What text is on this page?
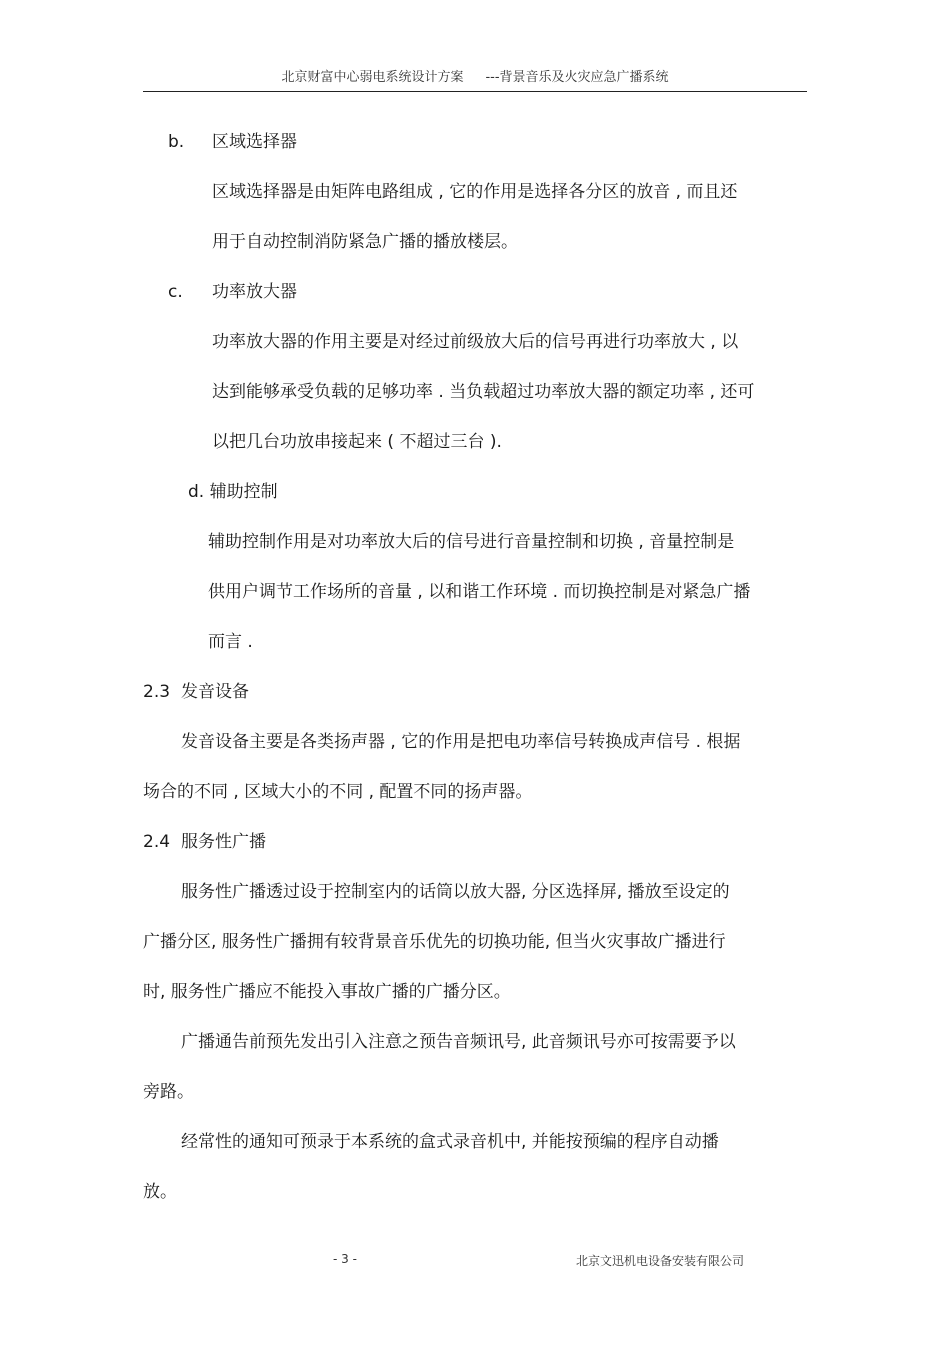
北京财富中心弱电系统设计方案 ---背景音乐及火灾应急广播系统
b. 区域选择器
区域选择器是由矩阵电路组成 , 它的作用是选择各分区的放音 , 而且还
用于自动控制消防紧急广播的播放楼层。
c. 功率放大器
功率放大器的作用主要是对经过前级放大后的信号再进行功率放大 , 以
达到能够承受负载的足够功率 . 当负载超过功率放大器的额定功率 , 还可
以把几台功放串接起来 ( 不超过三台 ).
d. 辅助控制
辅助控制作用是对功率放大后的信号进行音量控制和切换 , 音量控制是
供用户调节工作场所的音量 , 以和谐工作环境 . 而切换控制是对紧急广播
而言 .
2.3 发音设备
发音设备主要是各类扬声器 , 它的作用是把电功率信号转换成声信号 . 根据
场合的不同 , 区域大小的不同 , 配置不同的扬声器。
2.4 服务性广播
服务性广播透过设于控制室内的话筒以放大器, 分区选择屏, 播放至设定的
广播分区, 服务性广播拥有较背景音乐优先的切换功能, 但当火灾事故广播进行
时, 服务性广播应不能投入事故广播的广播分区。
广播通告前预先发出引入注意之预告音频讯号, 此音频讯号亦可按需要予以
旁路。
经常性的通知可预录于本系统的盒式录音机中, 并能按预编的程序自动播
放。
- 3 -	北京文迅机电设备安装有限公司
